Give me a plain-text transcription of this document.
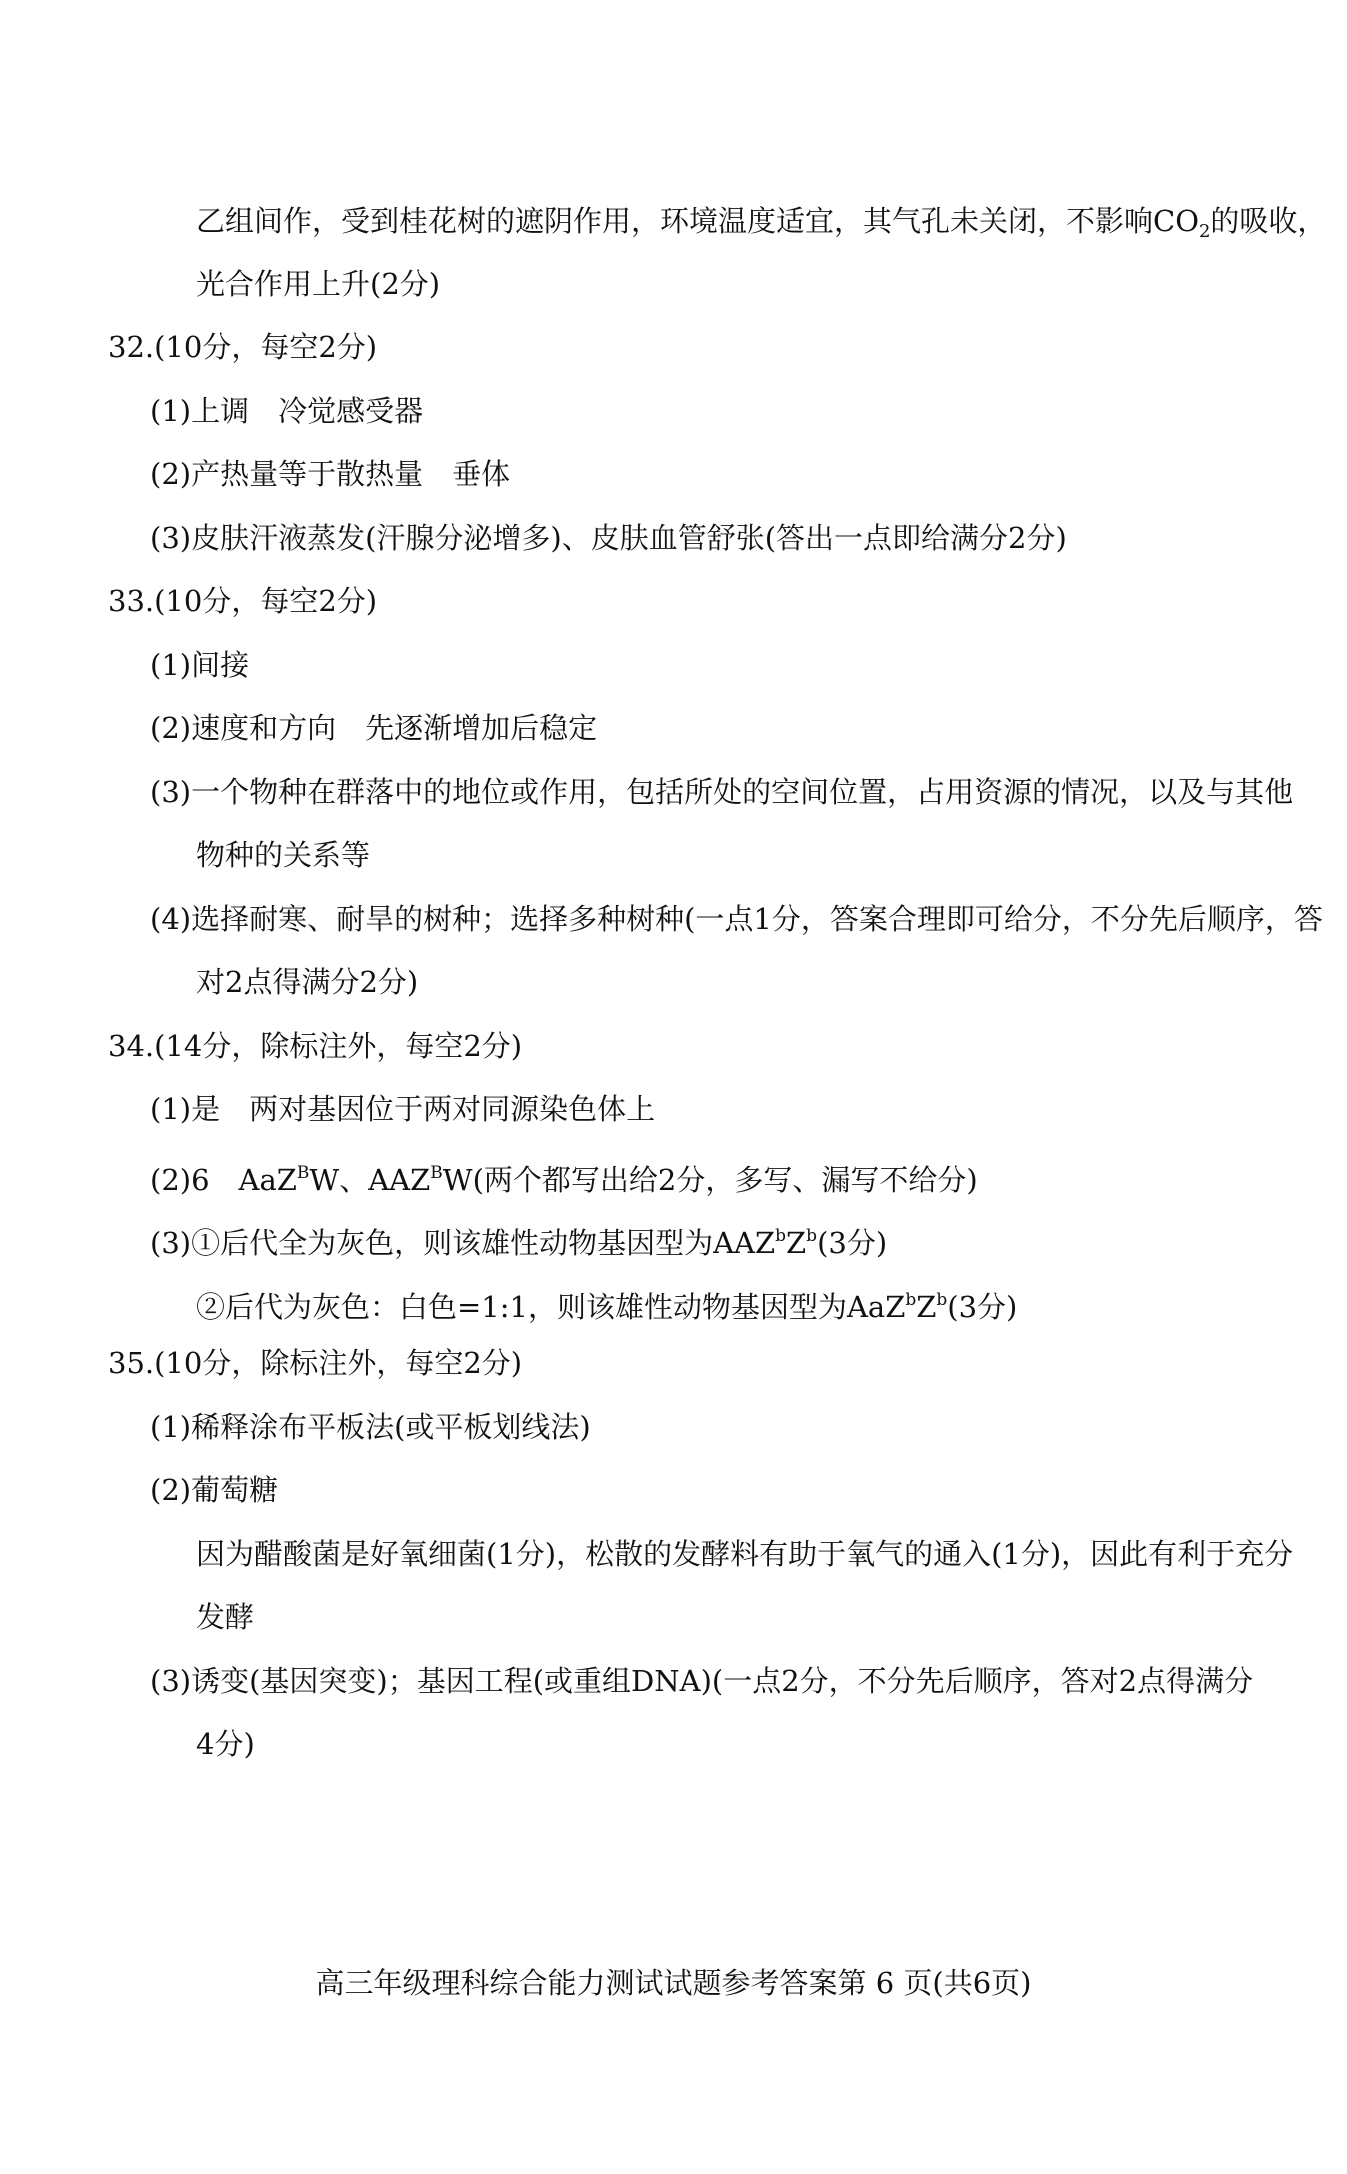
乙组间作，受到桂花树的遮阴作用，环境温度适宜，其气孔未关闭，不影响$CO_2$的吸收，
光合作用上升(2分)
32.(10分，每空2分)
(1)上调　冷觉感受器
(2)产热量等于散热量　垂体
(3)皮肤汗液蒸发(汗腺分泌增多)、皮肤血管舒张(答出一点即给满分2分)
33.(10分，每空2分)
(1)间接
(2)速度和方向　先逐渐增加后稳定
(3)一个物种在群落中的地位或作用，包括所处的空间位置，占用资源的情况，以及与其他
物种的关系等
(4)选择耐寒、耐旱的树种；选择多种树种(一点1分，答案合理即可给分，不分先后顺序，答
对2点得满分2分)
34.(14分，除标注外，每空2分)
(1)是　两对基因位于两对同源染色体上
(2)6　AaZ$^B$W、$AAZ^BW$(两个都写出给2分，多写、漏写不给分)
(3)①后代全为灰色，则该雄性动物基因型为$AAZ^bZ^b(3$分)
②后代为灰色：白色=1:1，则该雄性动物基因型为$AaZ^bZ^b(3$分)
35.(10分，除标注外，每空2分)
(1)稀释涂布平板法(或平板划线法)
(2)葡萄糖
因为醋酸菌是好氧细菌(1分)，松散的发酵料有助于氧气的通入(1分)，因此有利于充分
发酵
(3)诱变(基因突变)；基因工程(或重组DNA)(一点2分，不分先后顺序，答对2点得满分
4分)
高三年级理科综合能力测试试题参考答案第 6 页(共6页)
